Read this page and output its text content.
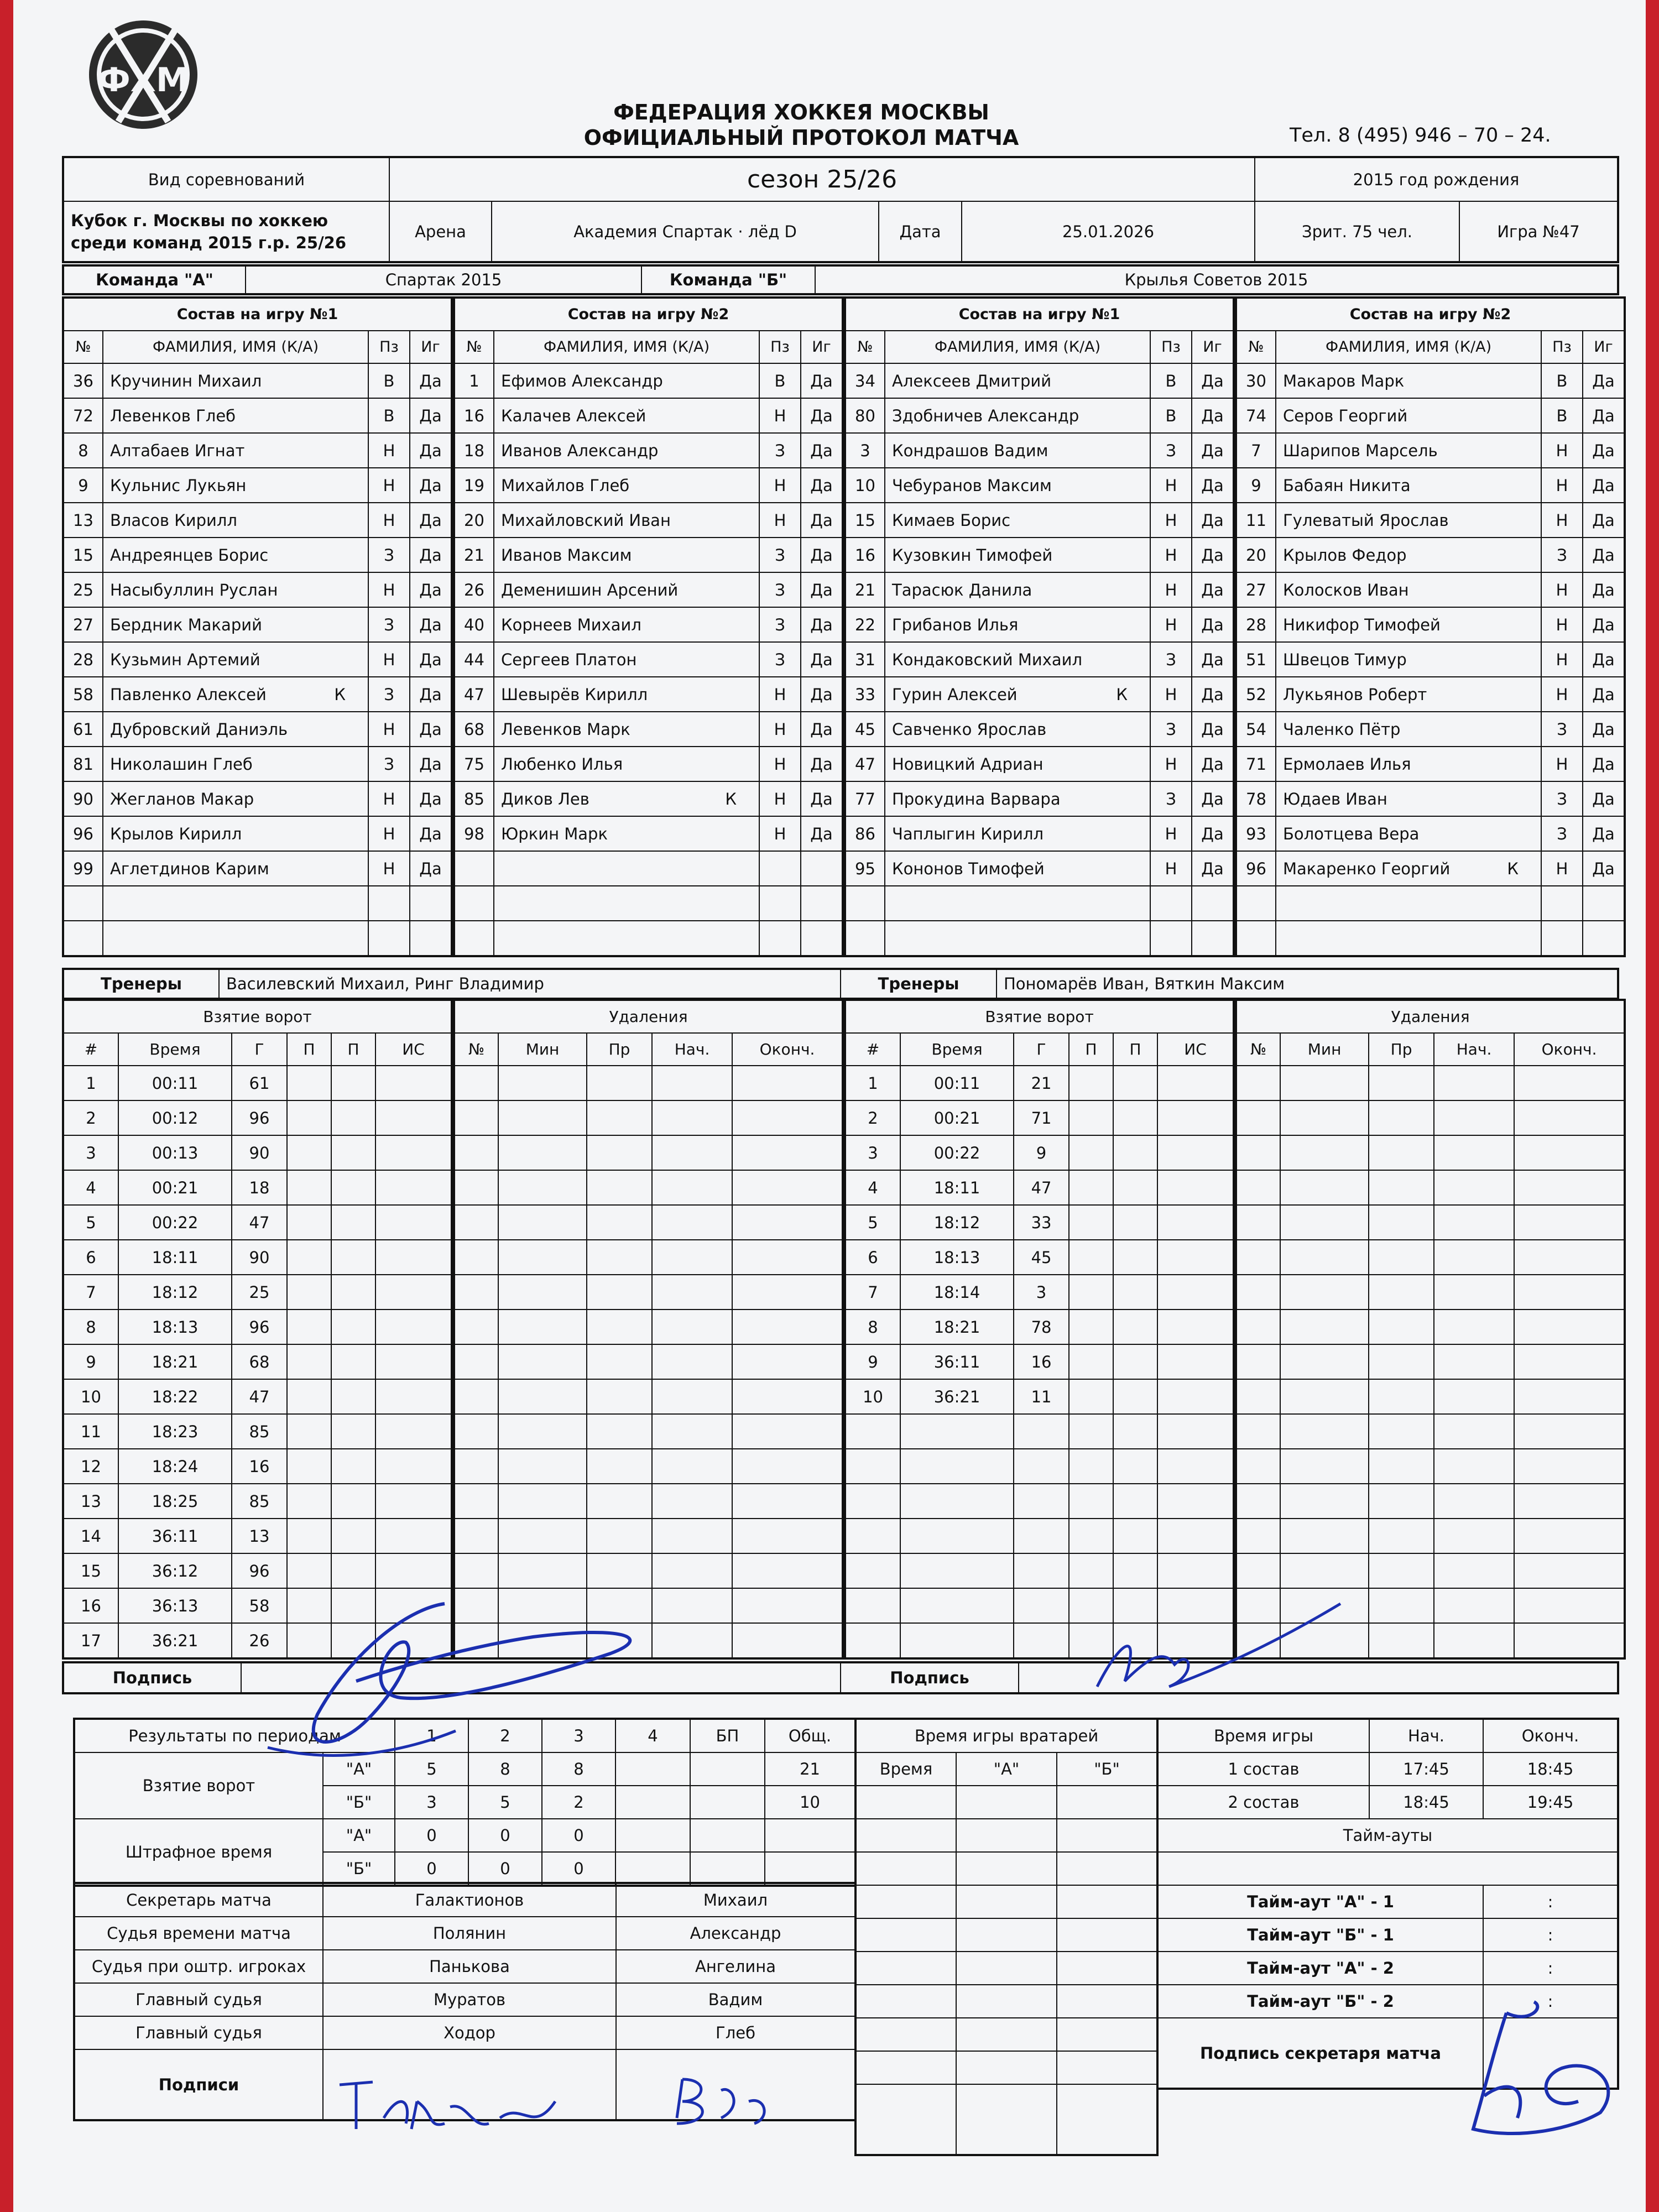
ФХМ
ФЕДЕРАЦИЯ ХОККЕЯ МОСКВЫ
ОФИЦИАЛЬНЫЙ ПРОТОКОЛ МАТЧА	Тел. 8 (495) 946 – 70 – 24.
Вид соревнований	сезон 25/26				2015 год рождения	
Кубок г. Москвы по хоккею среди команд 2015 г.р. 25/26	Арена	Академия Спартак · лёд D	Дата	25.01.2026	Зрит. 75 чел.	Игра №47
Команда "А"	Спартак 2015	Команда "Б"	Крылья Советов 2015
Состав на игру №1			
№	ФАМИЛИЯ, ИМЯ (К/А)	Пз	Иг
36	Кручинин Михаил	В	Да
72	Левенков Глеб	В	Да
8	Алтабаев Игнат	Н	Да
9	Кульнис Лукьян	Н	Да
13	Власов Кирилл	Н	Да
15	Андреянцев Борис	З	Да
25	Насыбуллин Руслан	Н	Да
27	Бердник Макарий	З	Да
28	Кузьмин Артемий	Н	Да
58	Павленко Алексей К	З	Да
61	Дубровский Даниэль	Н	Да
81	Николашин Глеб	З	Да
90	Жегланов Макар	Н	Да
96	Крылов Кирилл	Н	Да
99	Аглетдинов Карим	Н	Да

Состав на игру №2			
№	ФАМИЛИЯ, ИМЯ (К/А)	Пз	Иг
1	Ефимов Александр	В	Да
16	Калачев Алексей	Н	Да
18	Иванов Александр	З	Да
19	Михайлов Глеб	Н	Да
20	Михайловский Иван	Н	Да
21	Иванов Максим	З	Да
26	Деменишин Арсений	З	Да
40	Корнеев Михаил	З	Да
44	Сергеев Платон	З	Да
47	Шевырёв Кирилл	Н	Да
68	Левенков Марк	Н	Да
75	Любенко Илья	Н	Да
85	Диков Лев К	Н	Да
98	Юркин Марк	Н	Да

Состав на игру №1			
№	ФАМИЛИЯ, ИМЯ (К/А)	Пз	Иг
34	Алексеев Дмитрий	В	Да
80	Здобничев Александр	В	Да
3	Кондрашов Вадим	З	Да
10	Чебуранов Максим	Н	Да
15	Кимаев Борис	Н	Да
16	Кузовкин Тимофей	Н	Да
21	Тарасюк Данила	Н	Да
22	Грибанов Илья	Н	Да
31	Кондаковский Михаил	З	Да
33	Гурин Алексей К	Н	Да
45	Савченко Ярослав	З	Да
47	Новицкий Адриан	Н	Да
77	Прокудина Варвара	З	Да
86	Чаплыгин Кирилл	Н	Да
95	Кононов Тимофей	Н	Да

Состав на игру №2			
№	ФАМИЛИЯ, ИМЯ (К/А)	Пз	Иг
30	Макаров Марк	В	Да
74	Серов Георгий	В	Да
7	Шарипов Марсель	Н	Да
9	Бабаян Никита	Н	Да
11	Гулеватый Ярослав	Н	Да
20	Крылов Федор	З	Да
27	Колосков Иван	Н	Да
28	Никифор Тимофей	Н	Да
51	Швецов Тимур	Н	Да
52	Лукьянов Роберт	Н	Да
54	Чаленко Пётр	З	Да
71	Ермолаев Илья	Н	Да
78	Юдаев Иван	З	Да
93	Болотцева Вера	З	Да
96	Макаренко Георгий К	Н	Да

Тренеры	Василевский Михаил, Ринг Владимир	Тренеры	Пономарёв Иван, Вяткин Максим
Взятие ворот					
#	Время	Г	П	П	ИС
1	00:11	61			
2	00:12	96			
3	00:13	90			
4	00:21	18			
5	00:22	47			
6	18:11	90			
7	18:12	25			
8	18:13	96			
9	18:21	68			
10	18:22	47			
11	18:23	85			
12	18:24	16			
13	18:25	85			
14	36:11	13			
15	36:12	96			
16	36:13	58			
17	36:21	26			
Удаления				
№	Мин	Пр	Нач.	Оконч.

Взятие ворот					
#	Время	Г	П	П	ИС
1	00:11	21			
2	00:21	71			
3	00:22	9			
4	18:11	47			
5	18:12	33			
6	18:13	45			
7	18:14	3			
8	18:21	78			
9	36:11	16			
10	36:21	11			

Удаления				
№	Мин	Пр	Нач.	Оконч.

Подпись		Подпись	
Результаты по периодам		1	2	3	4	БП	Общ.
Взятие ворот	"А"	5	8	8			21
	"Б"	3	5	2			10
Штрафное время	"А"	0	0	0			
	"Б"	0	0	0			
Секретарь матча	Галактионов	Михаил
Судья времени матча	Полянин	Александр
Судья при оштр. игроках	Панькова	Ангелина
Главный судья	Муратов	Вадим
Главный судья	Ходор	Глеб
Подписи		
Время игры вратарей		
Время	"А"	"Б"

Время игры	Нач.	Оконч.
1 состав	17:45	18:45
2 состав	18:45	19:45
Тайм-ауты		

Тайм-аут "А" - 1		:
Тайм-аут "Б" - 1		:
Тайм-аут "А" - 2		:
Тайм-аут "Б" - 2		:
Подпись секретаря матча		
